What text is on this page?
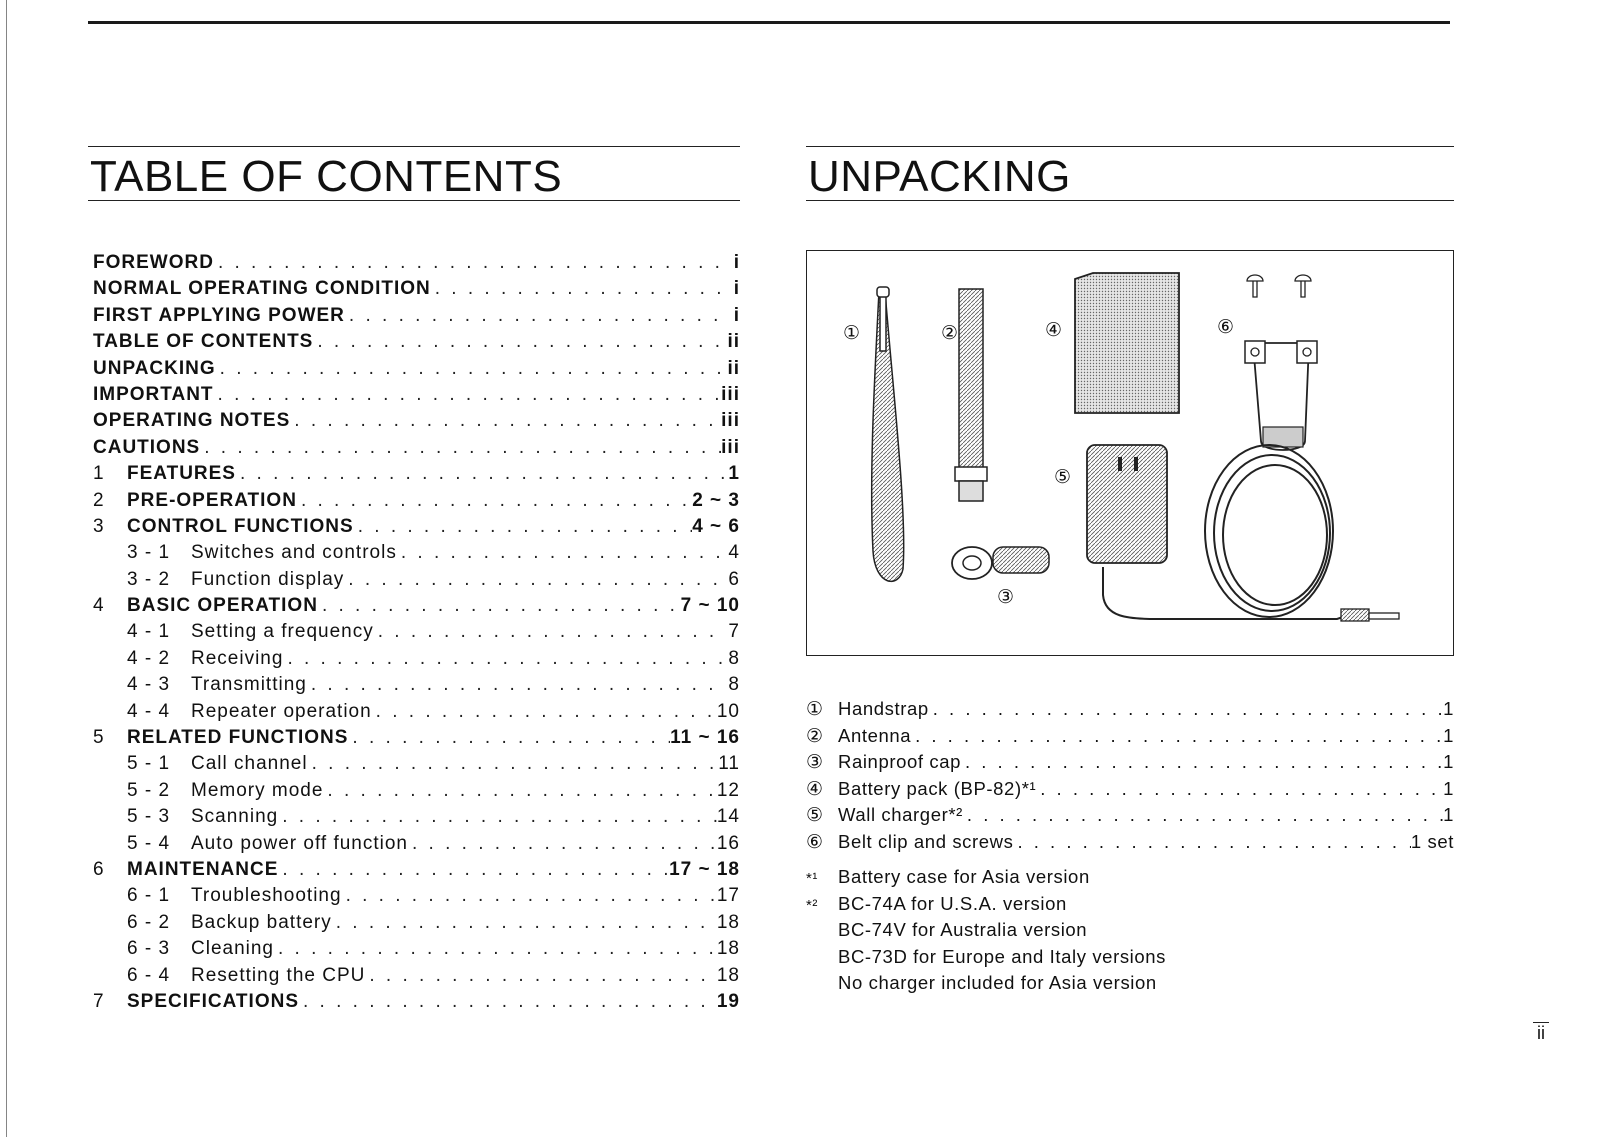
TABLE OF CONTENTS
FOREWORD . . .	i
NORMAL OPERATING CONDITION . . .	i
FIRST APPLYING POWER . . .	i
TABLE OF CONTENTS . . .	ii
UNPACKING . . .	ii
IMPORTANT . . .	iii
OPERATING NOTES . . .	iii
CAUTIONS . . .	iii
1	FEATURES . . .	1
2	PRE-OPERATION . . .	2 ~ 3
3	CONTROL FUNCTIONS . . .	4 ~ 6
3 - 1	Switches and controls . . .	4
3 - 2	Function display . . .	6
4	BASIC OPERATION . . .	7 ~ 10
4 - 1	Setting a frequency . . .	7
4 - 2	Receiving . . .	8
4 - 3	Transmitting . . .	8
4 - 4	Repeater operation . . .	10
5	RELATED FUNCTIONS . . .	11 ~ 16
5 - 1	Call channel . . .	11
5 - 2	Memory mode . . .	12
5 - 3	Scanning . . .	14
5 - 4	Auto power off function . . .	16
6	MAINTENANCE . . .	17 ~ 18
6 - 1	Troubleshooting . . .	17
6 - 2	Backup battery . . .	18
6 - 3	Cleaning . . .	18
6 - 4	Resetting the CPU . . .	18
7	SPECIFICATIONS . . .	19
UNPACKING
①	②	④	⑥
⑤
③
① Handstrap . . .	1
② Antenna . . .	1
③ Rainproof cap . . .	1
④ Battery pack (BP-82)*¹ . . .	1
⑤ Wall charger*² . . .	1
⑥ Belt clip and screws . . .	1 set
*¹	Battery case for Asia version
*²	BC-74A for U.S.A. version
BC-74V for Australia version
BC-73D for Europe and Italy versions
No charger included for Asia version
ii
